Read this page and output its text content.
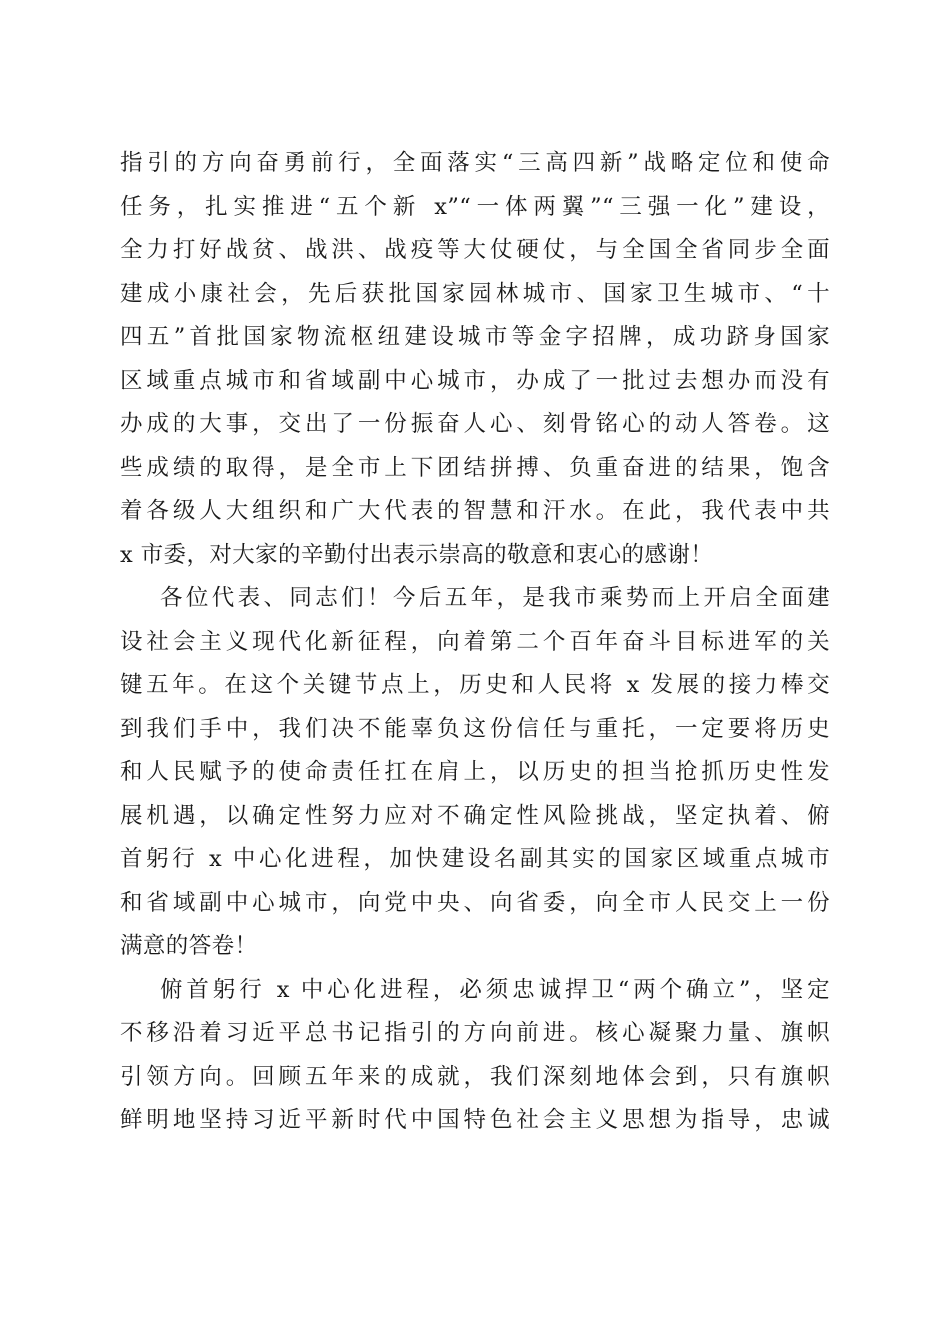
指引的方向奋勇前行，全面落实“三高四新”战略定位和使命
任务，扎实推进“五个新 x”“一体两翼”“三强一化”建设，
全力打好战贫、战洪、战疫等大仗硬仗，与全国全省同步全面
建成小康社会，先后获批国家园林城市、国家卫生城市、“十
四五”首批国家物流枢纽建设城市等金字招牌，成功跻身国家
区域重点城市和省域副中心城市，办成了一批过去想办而没有
办成的大事，交出了一份振奋人心、刻骨铭心的动人答卷。这
些成绩的取得，是全市上下团结拼搏、负重奋进的结果，饱含
着各级人大组织和广大代表的智慧和汗水。在此，我代表中共
x 市委，对大家的辛勤付出表示崇高的敬意和衷心的感谢！
各位代表、同志们！今后五年，是我市乘势而上开启全面建
设社会主义现代化新征程，向着第二个百年奋斗目标进军的关
键五年。在这个关键节点上，历史和人民将 x 发展的接力棒交
到我们手中，我们决不能辜负这份信任与重托，一定要将历史
和人民赋予的使命责任扛在肩上，以历史的担当抢抓历史性发
展机遇，以确定性努力应对不确定性风险挑战，坚定执着、俯
首躬行 x 中心化进程，加快建设名副其实的国家区域重点城市
和省域副中心城市，向党中央、向省委，向全市人民交上一份
满意的答卷！
俯首躬行 x 中心化进程，必须忠诚捍卫“两个确立”，坚定
不移沿着习近平总书记指引的方向前进。核心凝聚力量、旗帜
引领方向。回顾五年来的成就，我们深刻地体会到，只有旗帜
鲜明地坚持习近平新时代中国特色社会主义思想为指导，忠诚
